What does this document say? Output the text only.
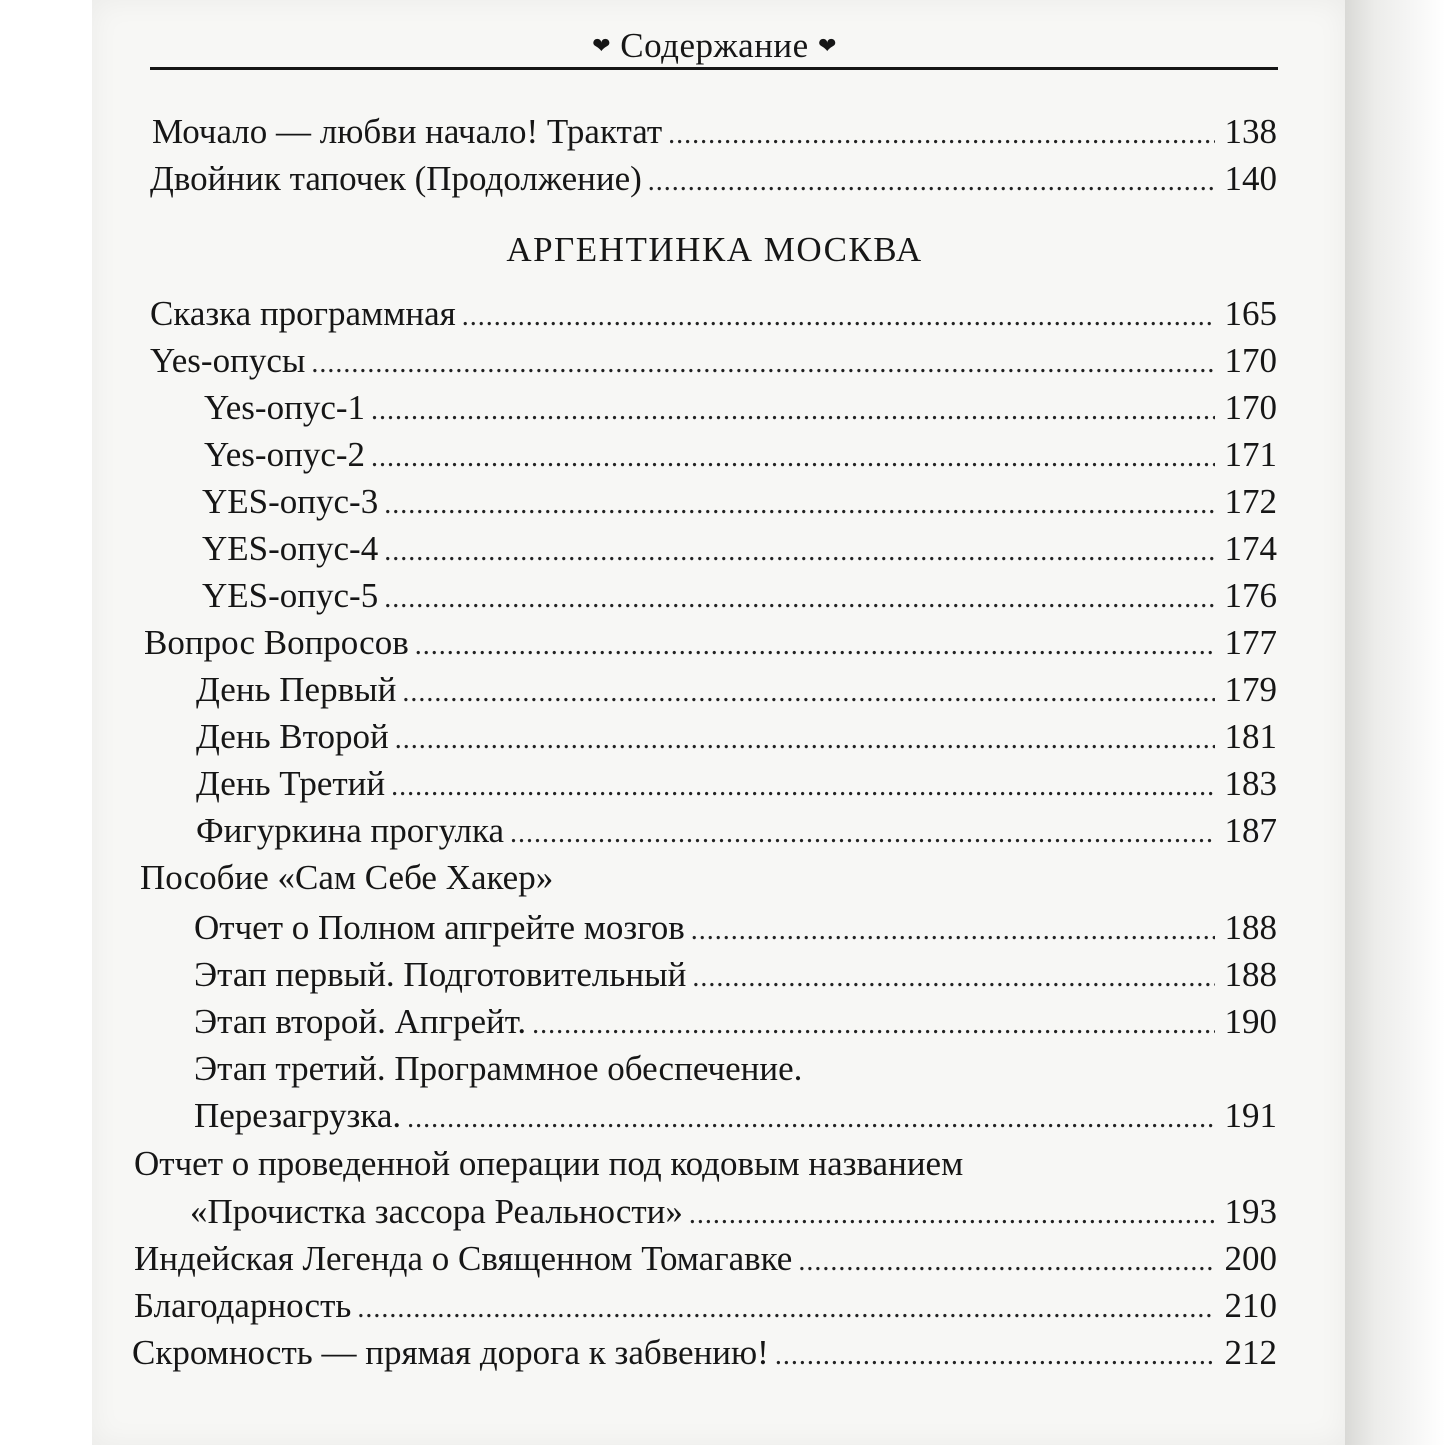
❤ Содержание ❤
Мочало — любви начало! Трактат . . .	138
Двойник тапочек (Продолжение) . . .	140
АРГЕНТИНКА МОСКВА
Сказка программная . . .	165
Yes-опусы . . .	170
Yes-опус-1 . . .	170
Yes-опус-2 . . .	171
YES-опус-3 . . .	172
YES-опус-4 . . .	174
YES-опус-5 . . .	176
Вопрос Вопросов . . .	177
День Первый . . .	179
День Второй . . .	181
День Третий . . .	183
Фигуркина прогулка . . .	187
Пособие «Сам Себе Хакер»
Отчет о Полном апгрейте мозгов . . .	188
Этап первый. Подготовительный . . .	188
Этап второй. Апгрейт. . . .	190
Этап третий. Программное обеспечение.
Перезагрузка. . . .	191
Отчет о проведенной операции под кодовым названием
«Прочистка зассора Реальности» . . .	193
Индейская Легенда о Священном Томагавке . . .	200
Благодарность . . .	210
Скромность — прямая дорога к забвению! . . .	212
